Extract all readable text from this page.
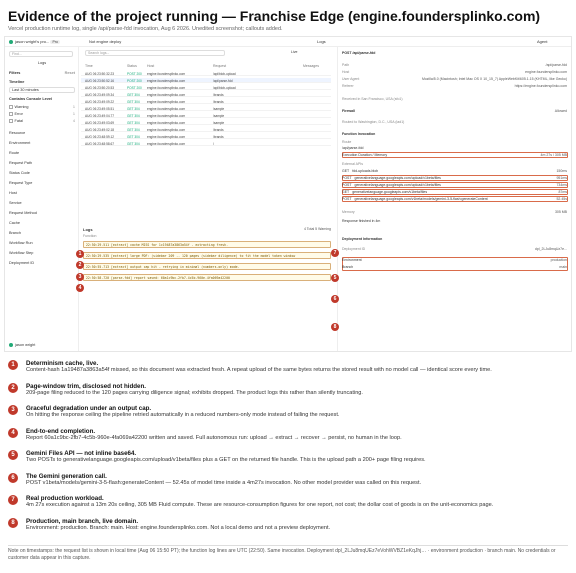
Evidence of the project running — Franchise Edge (engine.foundersplinko.com)
Vercel production runtime log, single /api/parse-fdd invocation, Aug 6 2026. Unedited screenshot; callouts added.
jason wright's pro... Pro	Not engine deploy	Logs	Agent
Find...
Logs
Filters	Reset
Timeline
Last 30 minutes
Contains Console Level
Warning	1
Error	1
Fatal	4
Resource
Environment
Route
Request Path
Status Code
Request Type
Host
Service
Request Method
Cache
Branch
Workflow Run
Workflow Step
Deployment ID
jason wright
Search logs...	Live
Time	Status	Host	Request	Messages
AUG 06 23:50:32.23	POST 200 engine.foundersplinko.com	/api/blob-upload
AUG 06 23:50:52.16	POST 200 engine.foundersplinko.com	/api/parse-fdd
AUG 06 23:50:20.53	POST 200 engine.foundersplinko.com	/api/blob-upload
AUG 06 23:49:09.34	GET 304 engine.foundersplinko.com	/brands
AUG 06 23:49:09.22	GET 304 engine.foundersplinko.com	/brands
AUG 06 23:49:05.51	GET 304 engine.foundersplinko.com	/sample
AUG 06 23:49:04.77	GET 304 engine.foundersplinko.com	/sample
AUG 06 23:49:03.69	GET 304 engine.foundersplinko.com	/sample
AUG 06 23:49:02.18	GET 304 engine.foundersplinko.com	/brands
AUG 06 23:48:59.12	GET 304 engine.foundersplinko.com	/brands
AUG 06 23:48:58.67	GET 304 engine.foundersplinko.com	/
Logs
Function
4 Total 5 Warning
22:50:29.511 [extract] cache MISS for 1c19487a3863a54f - extracting fresh.
22:50:29.535 [extract] large PDF: (sidebar 209 -- 120 pages (sidebar diligence) to fit the model token window
22:50:55.713 [extract] output cap hit - retrying in minimal (numbers-only) mode.
22:50:58.720 [parse-fdd] report saved: 60a1c9bc-2fb7-4c5b-960e-4fa069a42200
POST /api/parse-fdd
Path	/api/parse-fdd
Host	engine.foundersplinko.com
User Agent	Mozilla/5.0 (Macintosh; Intel Mac OS X 10_15_7) AppleWebKit/605.1.15 (KHTML, like Gecko)
Referer	https://engine.foundersplinko.com
Received in San Francisco, USA (sfo1)
Firewall	Allowed
Routed to Washington, D.C., USA (iad1)
Function Invocation
Route
/api/parse-fdd
Execution Duration / Memory	4m 27s / 305 MB
External APIs
GET fdd-uploads.blob	150ms
POST generativelanguage.googleapis.com/upload/v1beta/files	951ms
POST generativelanguage.googleapis.com/upload/v1beta/files	734ms
GET generativelanguage.googleapis.com/v1beta/files	87ms
POST generativelanguage.googleapis.com/v1beta/models/gemini-3-5-flash:generateContent	52.45s
Memory	305 MB
Response finished in 4m
Deployment Information
Deployment ID	dpl_2LJu8mqUz7e...
Environment	production
Branch	main
1
2
3
4
7
5
6
8
1	Determinism cache, live.
Content-hash 1a19487a3863a54f missed, so this document was extracted fresh. A repeat upload of the same bytes returns the stored result with no model call — identical score every time.
2	Page-window trim, disclosed not hidden.
209-page filing reduced to the 120 pages carrying diligence signal; exhibits dropped. The product logs this rather than silently truncating.
3	Graceful degradation under an output cap.
On hitting the response ceiling the pipeline retried automatically in a reduced numbers-only mode instead of failing the request.
4	End-to-end completion.
Report 60a1c9bc-2fb7-4c5b-960e-4fa069a42200 written and saved. Full autonomous run: upload → extract → recover → persist, no human in the loop.
5	Gemini Files API — not inline base64.
Two POSTs to generativelanguage.googleapis.com/upload/v1beta/files plus a GET on the returned file handle. This is the upload path a 200+ page filing requires.
6	The Gemini generation call.
POST v1beta/models/gemini-3-5-flash:generateContent — 52.45s of model time inside a 4m27s invocation. No other model provider was called on this request.
7	Real production workload.
4m 27s execution against a 13m 20s ceiling, 305 MB Fluid compute. These are resource-consumption figures for one report, not cost; the dollar cost of goods is on the unit-economics page.
8	Production, main branch, live domain.
Environment: production. Branch: main. Host: engine.foundersplinko.com. Not a local demo and not a preview deployment.
Note on timestamps: the request list is shown in local time (Aug 06 15:50 PT); the function log lines are UTC (22:50). Same invocation. Deployment dpl_2LJu8mqUEz7eVohWVBZ1eKqJhj… · environment production · branch main. No credentials or customer data appear in this capture.
